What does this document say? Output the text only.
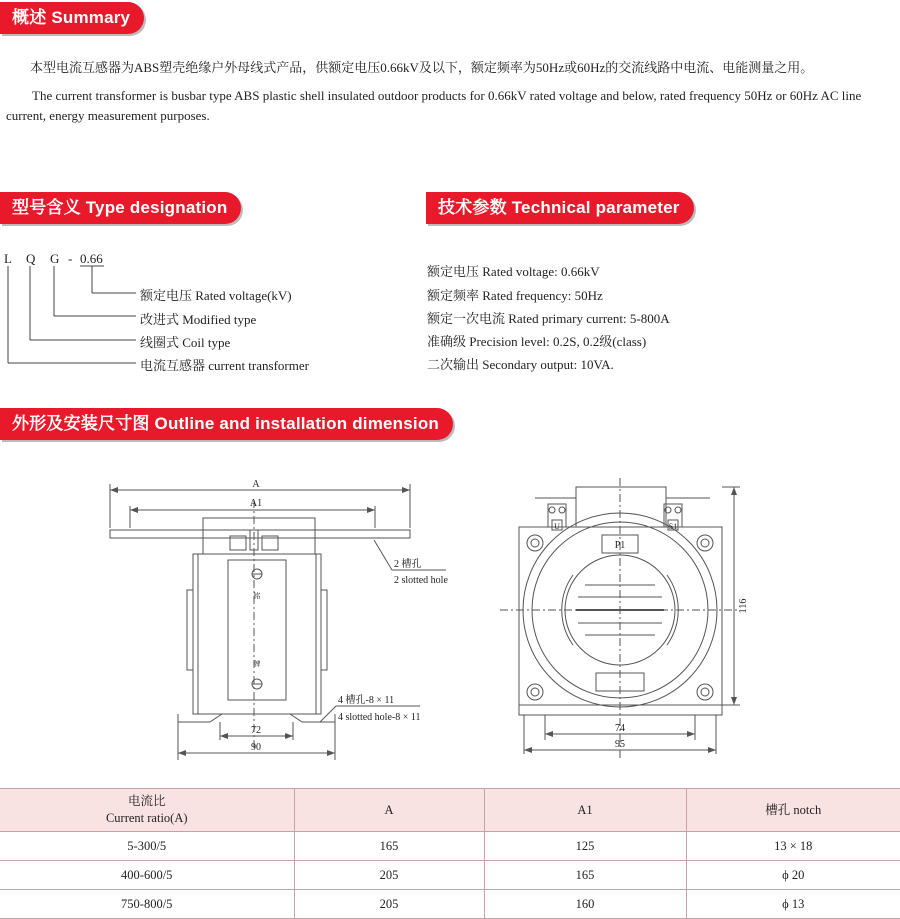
概述 Summary
本型电流互感器为ABS塑壳绝缘户外母线式产品，供额定电压0.66kV及以下，额定频率为50Hz或60Hz的交流线路中电流、电能测量之用。
The current transformer is busbar type ABS plastic shell insulated outdoor products for 0.66kV rated voltage and below, rated frequency 50Hz or 60Hz AC line current, energy measurement purposes.
型号含义 Type designation
L Q G - 0.66
额定电压 Rated voltage(kV)
改进式 Modified type
线圈式 Coil type
电流互感器 current transformer
技术参数 Technical parameter
额定电压 Rated voltage: 0.66kV
额定频率 Rated frequency: 50Hz
额定一次电流 Rated primary current: 5-800A
准确级 Precision level: 0.2S, 0.2级(class)
二次输出 Secondary output: 10VA.
外形及安装尺寸图 Outline and installation dimension
A
A1
2 槽孔
2 slotted hole
4 槽孔-8 × 11
4 slotted hole-8 × 11
72
90
铭
牌
U	S1
P1
116
74
95
电流比
Current ratio(A)	A	A1	槽孔 notch
5-300/5	165	125	13 × 18
400-600/5	205	165	ϕ 20
750-800/5	205	160	ϕ 13
